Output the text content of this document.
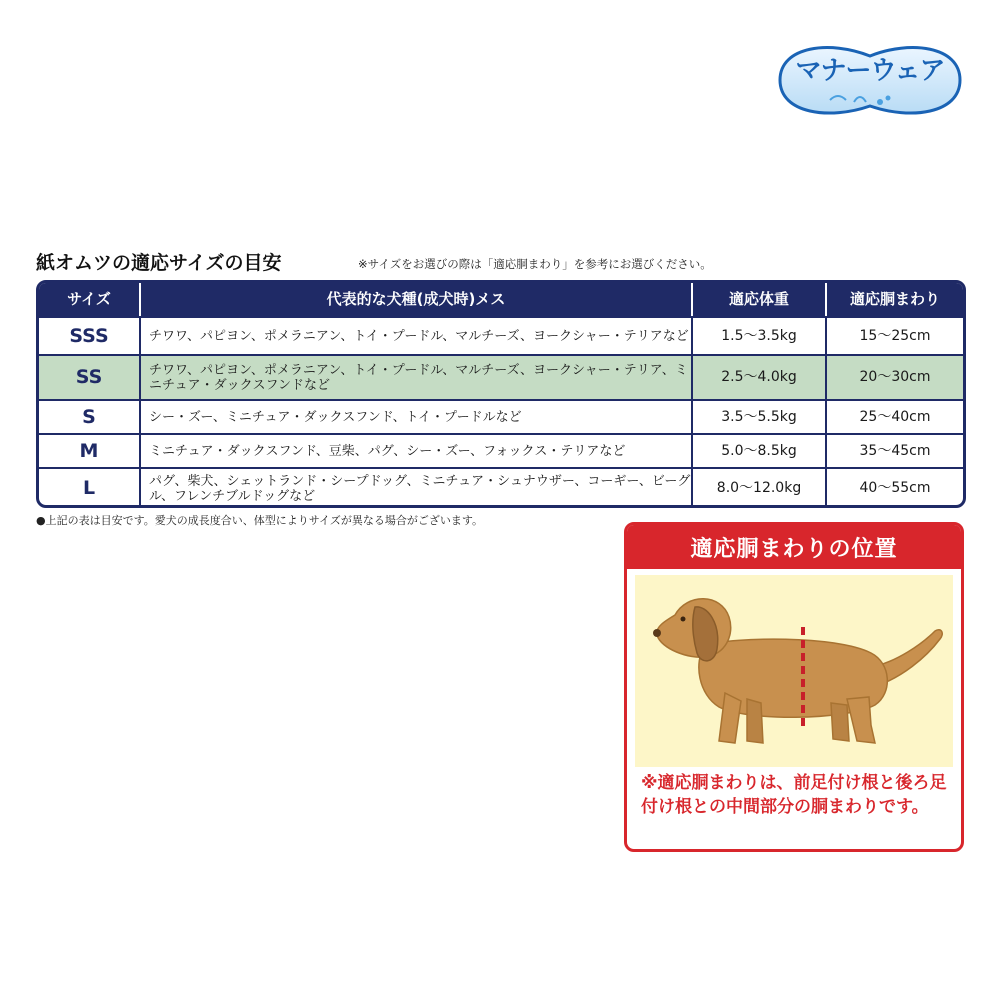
マナーウェア
紙オムツの適応サイズの目安	※サイズをお選びの際は「適応胴まわり」を参考にお選びください。
サイズ	代表的な犬種(成犬時)メス	適応体重	適応胴まわり
SSS	チワワ、パピヨン、ポメラニアン、トイ・プードル、マルチーズ、ヨークシャー・テリアなど	1.5〜3.5kg	15〜25cm
SS	チワワ、パピヨン、ポメラニアン、トイ・プードル、マルチーズ、ヨークシャー・テリア、ミニチュア・ダックスフンドなど	2.5〜4.0kg	20〜30cm
S	シー・ズー、ミニチュア・ダックスフンド、トイ・プードルなど	3.5〜5.5kg	25〜40cm
M	ミニチュア・ダックスフンド、豆柴、パグ、シー・ズー、フォックス・テリアなど	5.0〜8.5kg	35〜45cm
L	パグ、柴犬、シェットランド・シープドッグ、ミニチュア・シュナウザー、コーギー、ビーグル、フレンチブルドッグなど	8.0〜12.0kg	40〜55cm
●上記の表は目安です。愛犬の成長度合い、体型によりサイズが異なる場合がございます。
適応胴まわりの位置
※適応胴まわりは、前足付け根と後ろ足付け根との中間部分の胴まわりです。
